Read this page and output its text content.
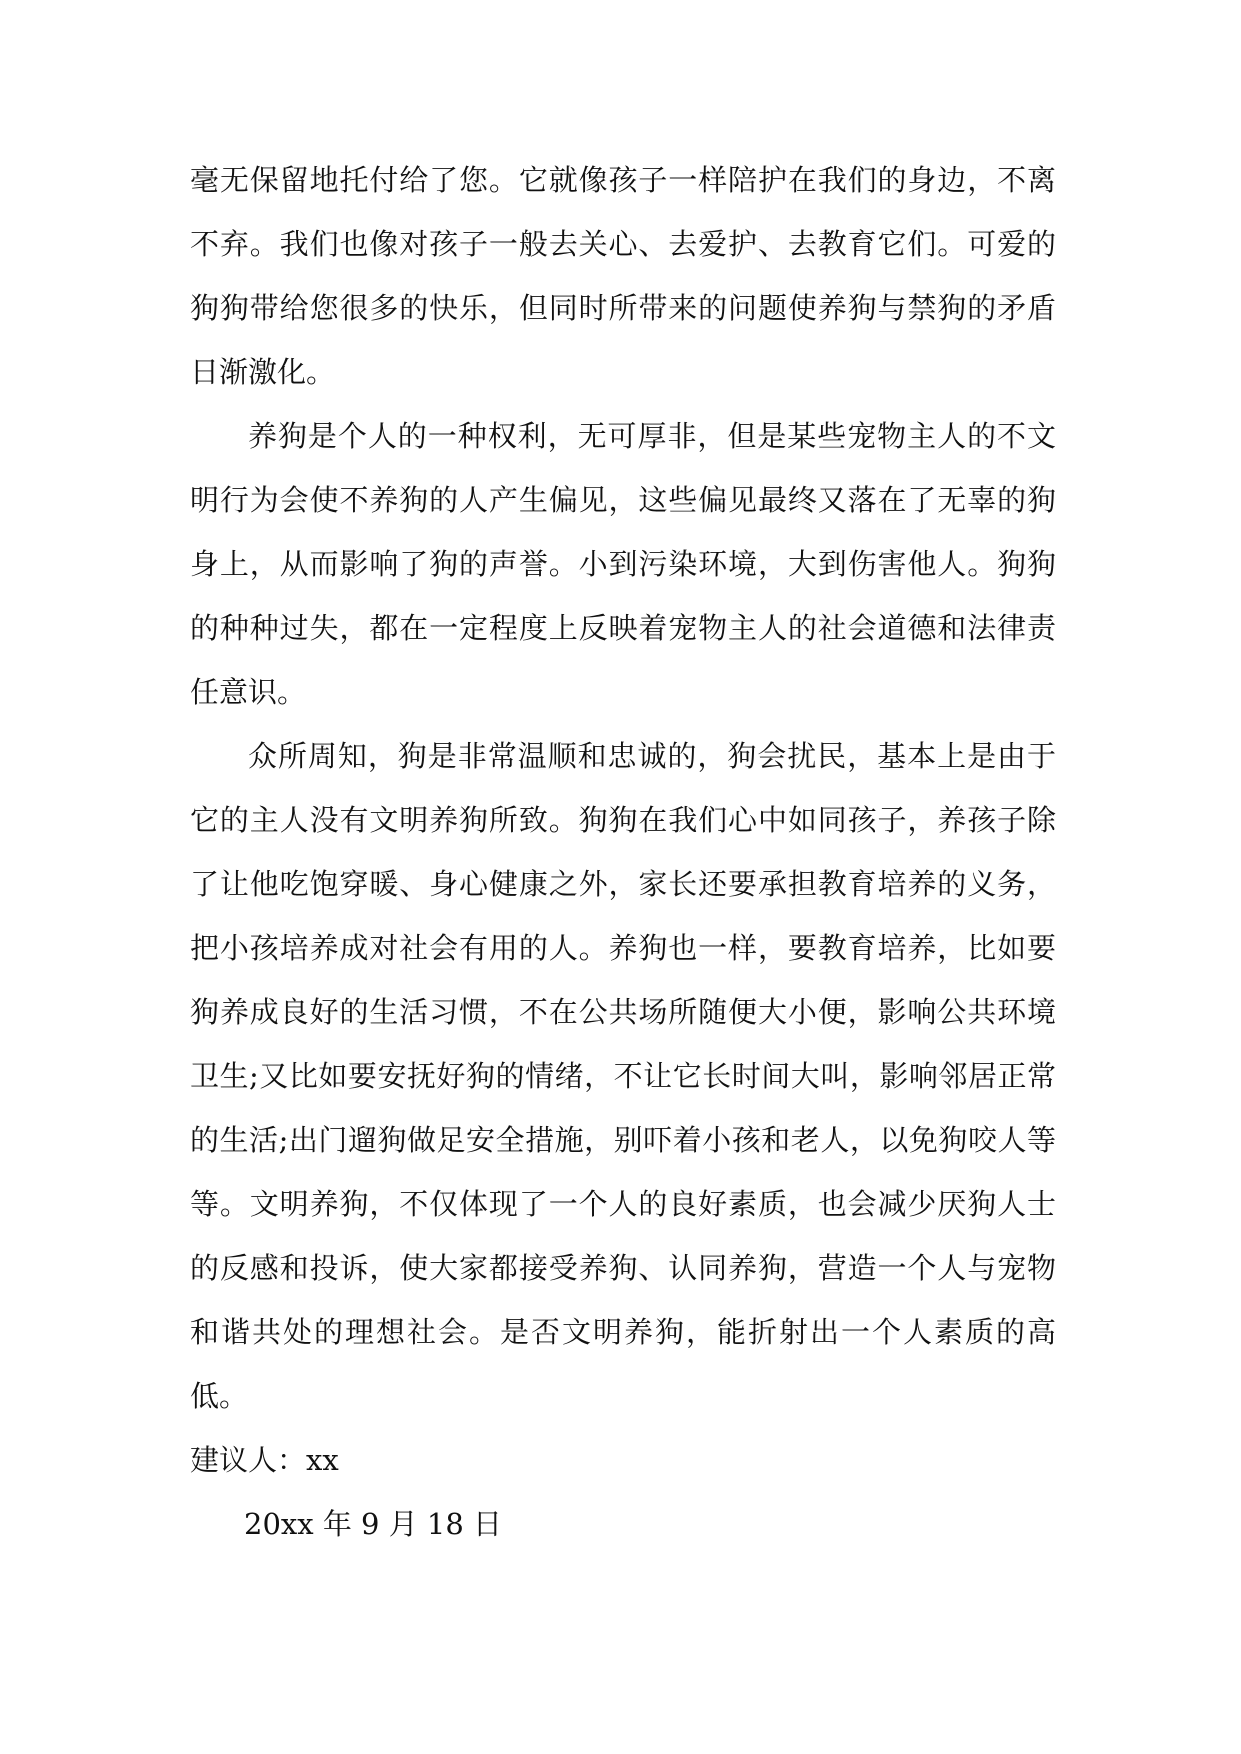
毫无保留地托付给了您。它就像孩子一样陪护在我们的身边，不离不弃。我们也像对孩子一般去关心、去爱护、去教育它们。可爱的狗狗带给您很多的快乐，但同时所带来的问题使养狗与禁狗的矛盾日渐激化。

养狗是个人的一种权利，无可厚非，但是某些宠物主人的不文明行为会使不养狗的人产生偏见，这些偏见最终又落在了无辜的狗身上，从而影响了狗的声誉。小到污染环境，大到伤害他人。狗狗的种种过失，都在一定程度上反映着宠物主人的社会道德和法律责任意识。

众所周知，狗是非常温顺和忠诚的，狗会扰民，基本上是由于它的主人没有文明养狗所致。狗狗在我们心中如同孩子，养孩子除了让他吃饱穿暖、身心健康之外，家长还要承担教育培养的义务，把小孩培养成对社会有用的人。养狗也一样，要教育培养，比如要狗养成良好的生活习惯，不在公共场所随便大小便，影响公共环境卫生;又比如要安抚好狗的情绪，不让它长时间大叫，影响邻居正常的生活;出门遛狗做足安全措施，别吓着小孩和老人，以免狗咬人等等。文明养狗，不仅体现了一个人的良好素质，也会减少厌狗人士的反感和投诉，使大家都接受养狗、认同养狗，营造一个人与宠物和谐共处的理想社会。是否文明养狗，能折射出一个人素质的高低。

建议人：xx

20xx 年 9 月 18 日
